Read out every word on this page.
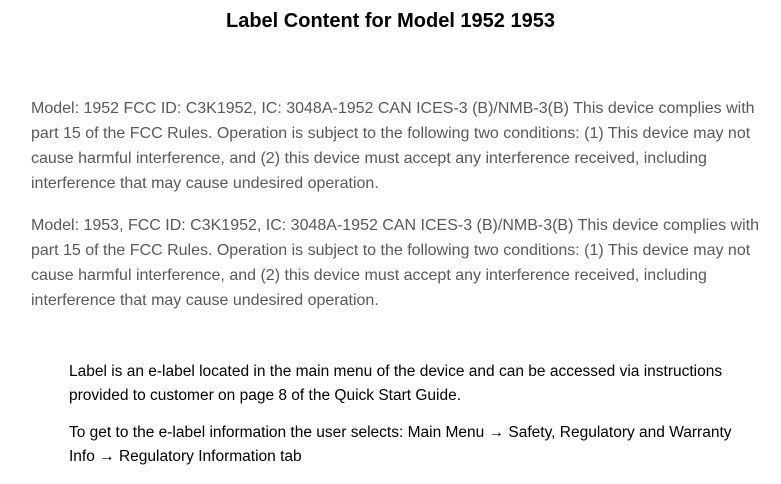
Label Content for Model 1952 1953

Model: 1952 FCC ID: C3K1952, IC: 3048A-1952 CAN ICES-3 (B)/NMB-3(B) This device complies with part 15 of the FCC Rules. Operation is subject to the following two conditions: (1) This device may not cause harmful interference, and (2) this device must accept any interference received, including interference that may cause undesired operation.

Model: 1953, FCC ID: C3K1952, IC: 3048A-1952 CAN ICES-3 (B)/NMB-3(B) This device complies with part 15 of the FCC Rules. Operation is subject to the following two conditions: (1) This device may not cause harmful interference, and (2) this device must accept any interference received, including interference that may cause undesired operation.

Label is an e-label located in the main menu of the device and can be accessed via instructions provided to customer on page 8 of the Quick Start Guide.

To get to the e-label information the user selects: Main Menu → Safety, Regulatory and Warranty Info → Regulatory Information tab
